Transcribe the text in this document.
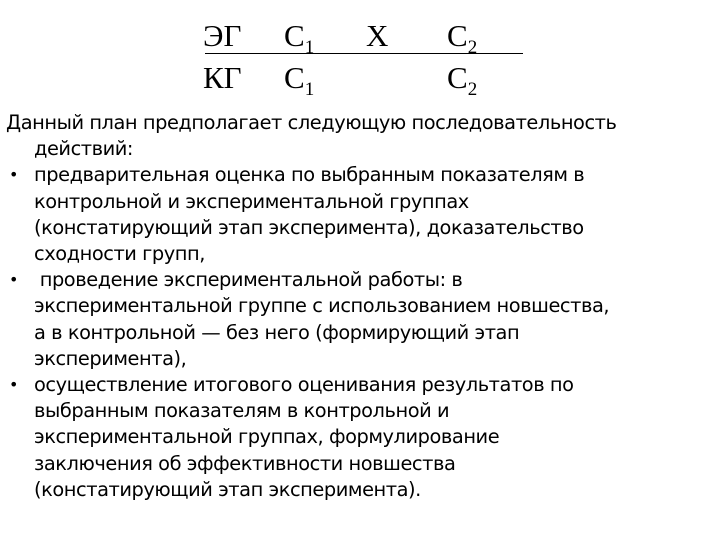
ЭГ $С_1$ Х $С_2$
КГ $С_1$	$С_2$
Данный план предполагает следующую последовательность
действий:
• предварительная оценка по выбранным показателям в
контрольной и экспериментальной группах
(констатирующий этап эксперимента), доказательство
сходности групп,
• проведение экспериментальной работы: в
экспериментальной группе с использованием новшества,
а в контрольной — без него (формирующий этап
эксперимента),
• осуществление итогового оценивания результатов по
выбранным показателям в контрольной и
экспериментальной группах, формулирование
заключения об эффективности новшества
(констатирующий этап эксперимента).
